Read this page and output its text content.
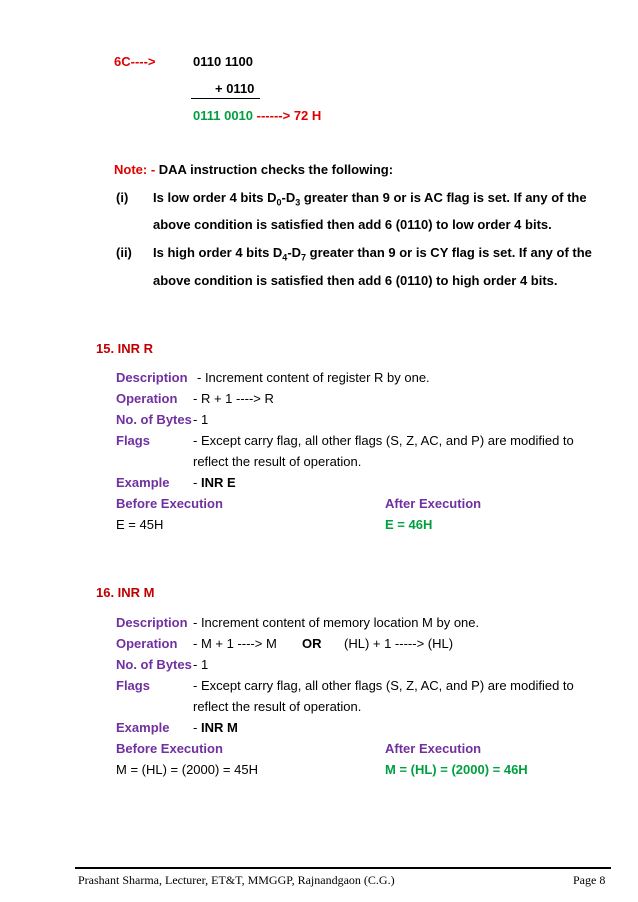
6C---->	0110 1100
+ 0110
0111 0010 ------> 72 H
Note: - DAA instruction checks the following:
(i) Is low order 4 bits $D_0-D_3$ greater than 9 or is AC flag is set. If any of the
above condition is satisfied then add 6 (0110) to low order 4 bits.
(ii) Is high order 4 bits $D_4-D_7$ greater than 9 or is CY flag is set. If any of the
above condition is satisfied then add 6 (0110) to high order 4 bits.
15. INR R
Description - Increment content of register R by one.
Operation - R + 1 ----> R
No. of Bytes - 1
Flags	- Except carry flag, all other flags (S, Z, AC, and P) are modified to
reflect the result of operation.
Example - INR E
Before Execution	After Execution
E = 45H	E = 46H
16. INR M
Description - Increment content of memory location M by one.
Operation - M + 1 ----> M OR (HL) + 1 -----> (HL)
No. of Bytes - 1
Flags	- Except carry flag, all other flags (S, Z, AC, and P) are modified to
reflect the result of operation.
Example - INR M
Before Execution	After Execution
M = (HL) = (2000) = 45H	M = (HL) = (2000) = 46H
Prashant Sharma, Lecturer, ET&T, MMGGP, Rajnandgaon (C.G.)	Page 8
